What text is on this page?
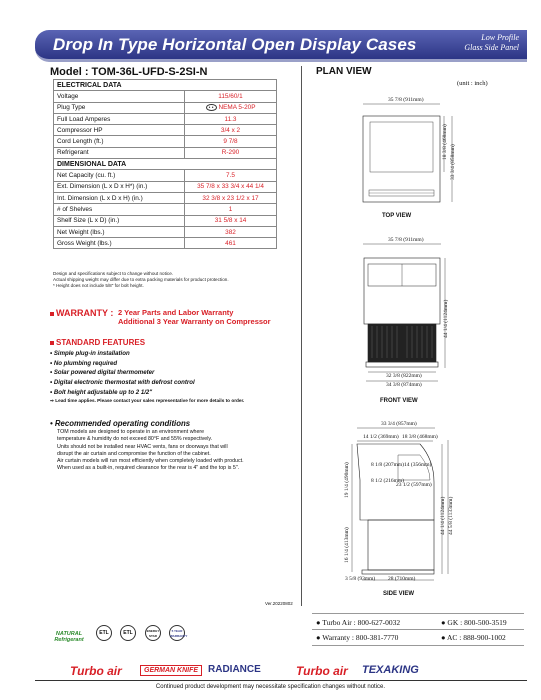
Drop In Type Horizontal Open Display Cases	Low Profile
Glass Side Panel
Model : TOM-36L-UFD-S-2SI-N
ELECTRICAL DATA	
Voltage	115/60/1
Plug Type	• • NEMA 5-20P
Full Load Amperes	11.3
Compressor HP	3/4 x 2
Cord Length (ft.)	9 7/8
Refrigerant	R-290
DIMENSIONAL DATA	
Net Capacity (cu. ft.)	7.5
Ext. Dimension (L x D x H*) (in.)	35 7/8 x 33 3/4 x 44 1/4
Int. Dimension (L x D x H) (in.)	32 3/8 x 23 1/2 x 17
# of Shelves	1
Shelf Size (L x D) (in.)	31 5/8 x 14
Net Weight (lbs.)	382
Gross Weight (lbs.)	461
Design and specifications subject to change without notice.
Actual shipping weight may differ due to extra packing materials for product protection.
* Height does not include 5/8" for bolt height.
WARRANTY : 2 Year Parts and Labor Warranty
Additional 3 Year Warranty on Compressor
STANDARD FEATURES
• Simple plug-in installation
• No plumbing required
• Solar powered digital thermometer
• Digital electronic thermostat with defrost control
• Bolt height adjustable up to 2 1/2"
⇒ Lead time applies. Please contact your sales representative for more details to order.
• Recommended operating conditions
TOM models are designed to operate in an environment where
temperature & humidity do not exceed 80°F and 55% respectively.
Units should not be installed near HVAC vents, fans or doorways that will
disrupt the air curtain and compromise the function of the cabinet.
Air curtain models will run most efficiently when completely loaded with product.
When used as a built-in, required clearance for the rear is 4" and the top is 5".
Ver.20220802
PLAN VIEW
(unit : inch)
35 7/8 (911mm)
18 3/8 (468mm)
33 3/4 (858mm)
35 7/8 (911mm)
44 1/4 (1124mm)
32 3/8 (822mm)
34 3/8 (874mm)
33 3/4 (857mm)
14 1/2 (369mm) 18 3/8 (468mm)
8 1/8 (207mm) 14 (356mm)
8 1/2 (216mm)
23 1/2 (597mm)
19 1/4 (490mm)
16 1/4 (413mm)
44 1/4 (1124mm) 44 5/8 (1133mm)
3 5/8 (93mm) 28 (710mm)
TOP VIEW
FRONT VIEW
SIDE VIEW
● Turbo Air : 800-627-0032	● GK : 800-500-3519
● Warranty : 800-381-7770	● AC : 888-900-1002
NATURAL Refrigerant
ETL	ETL	ENERGY STAR
5 YEAR WARRANTY
Turbo air	GERMAN KNIFE RADIANCE	Turbo air TEXAKING
Continued product development may necessitate specification changes without notice.
